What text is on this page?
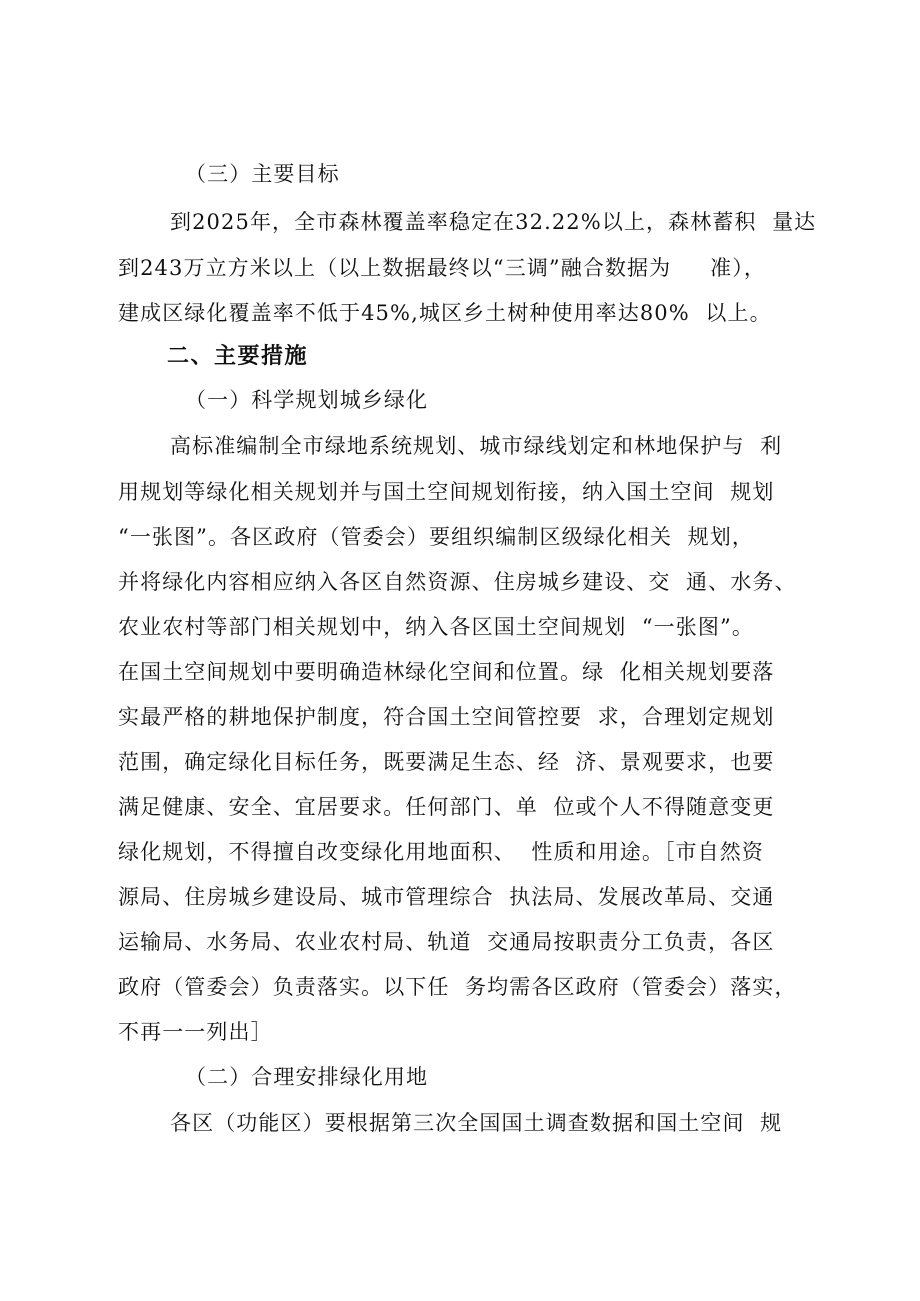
（三）主要目标
到2025年，全市森林覆盖率稳定在32.22%以上，森林蓄积  量达
到243万立方米以上（以上数据最终以“三调”融合数据为     准），
建成区绿化覆盖率不低于45%,城区乡土树种使用率达80%  以上。
二、主要措施
（一）科学规划城乡绿化
高标准编制全市绿地系统规划、城市绿线划定和林地保护与  利
用规划等绿化相关规划并与国土空间规划衔接，纳入国土空间  规划
“一张图”。各区政府（管委会）要组织编制区级绿化相关  规划，
并将绿化内容相应纳入各区自然资源、住房城乡建设、交  通、水务、
农业农村等部门相关规划中，纳入各区国土空间规划  “一张图”。
在国土空间规划中要明确造林绿化空间和位置。绿  化相关规划要落
实最严格的耕地保护制度，符合国土空间管控要  求，合理划定规划
范围，确定绿化目标任务，既要满足生态、经  济、景观要求，也要
满足健康、安全、宜居要求。任何部门、单  位或个人不得随意变更
绿化规划，不得擅自改变绿化用地面积、  性质和用途。［市自然资
源局、住房城乡建设局、城市管理综合  执法局、发展改革局、交通
运输局、水务局、农业农村局、轨道  交通局按职责分工负责，各区
政府（管委会）负责落实。以下任  务均需各区政府（管委会）落实，
不再一一列出］
（二）合理安排绿化用地
各区（功能区）要根据第三次全国国土调查数据和国土空间  规
